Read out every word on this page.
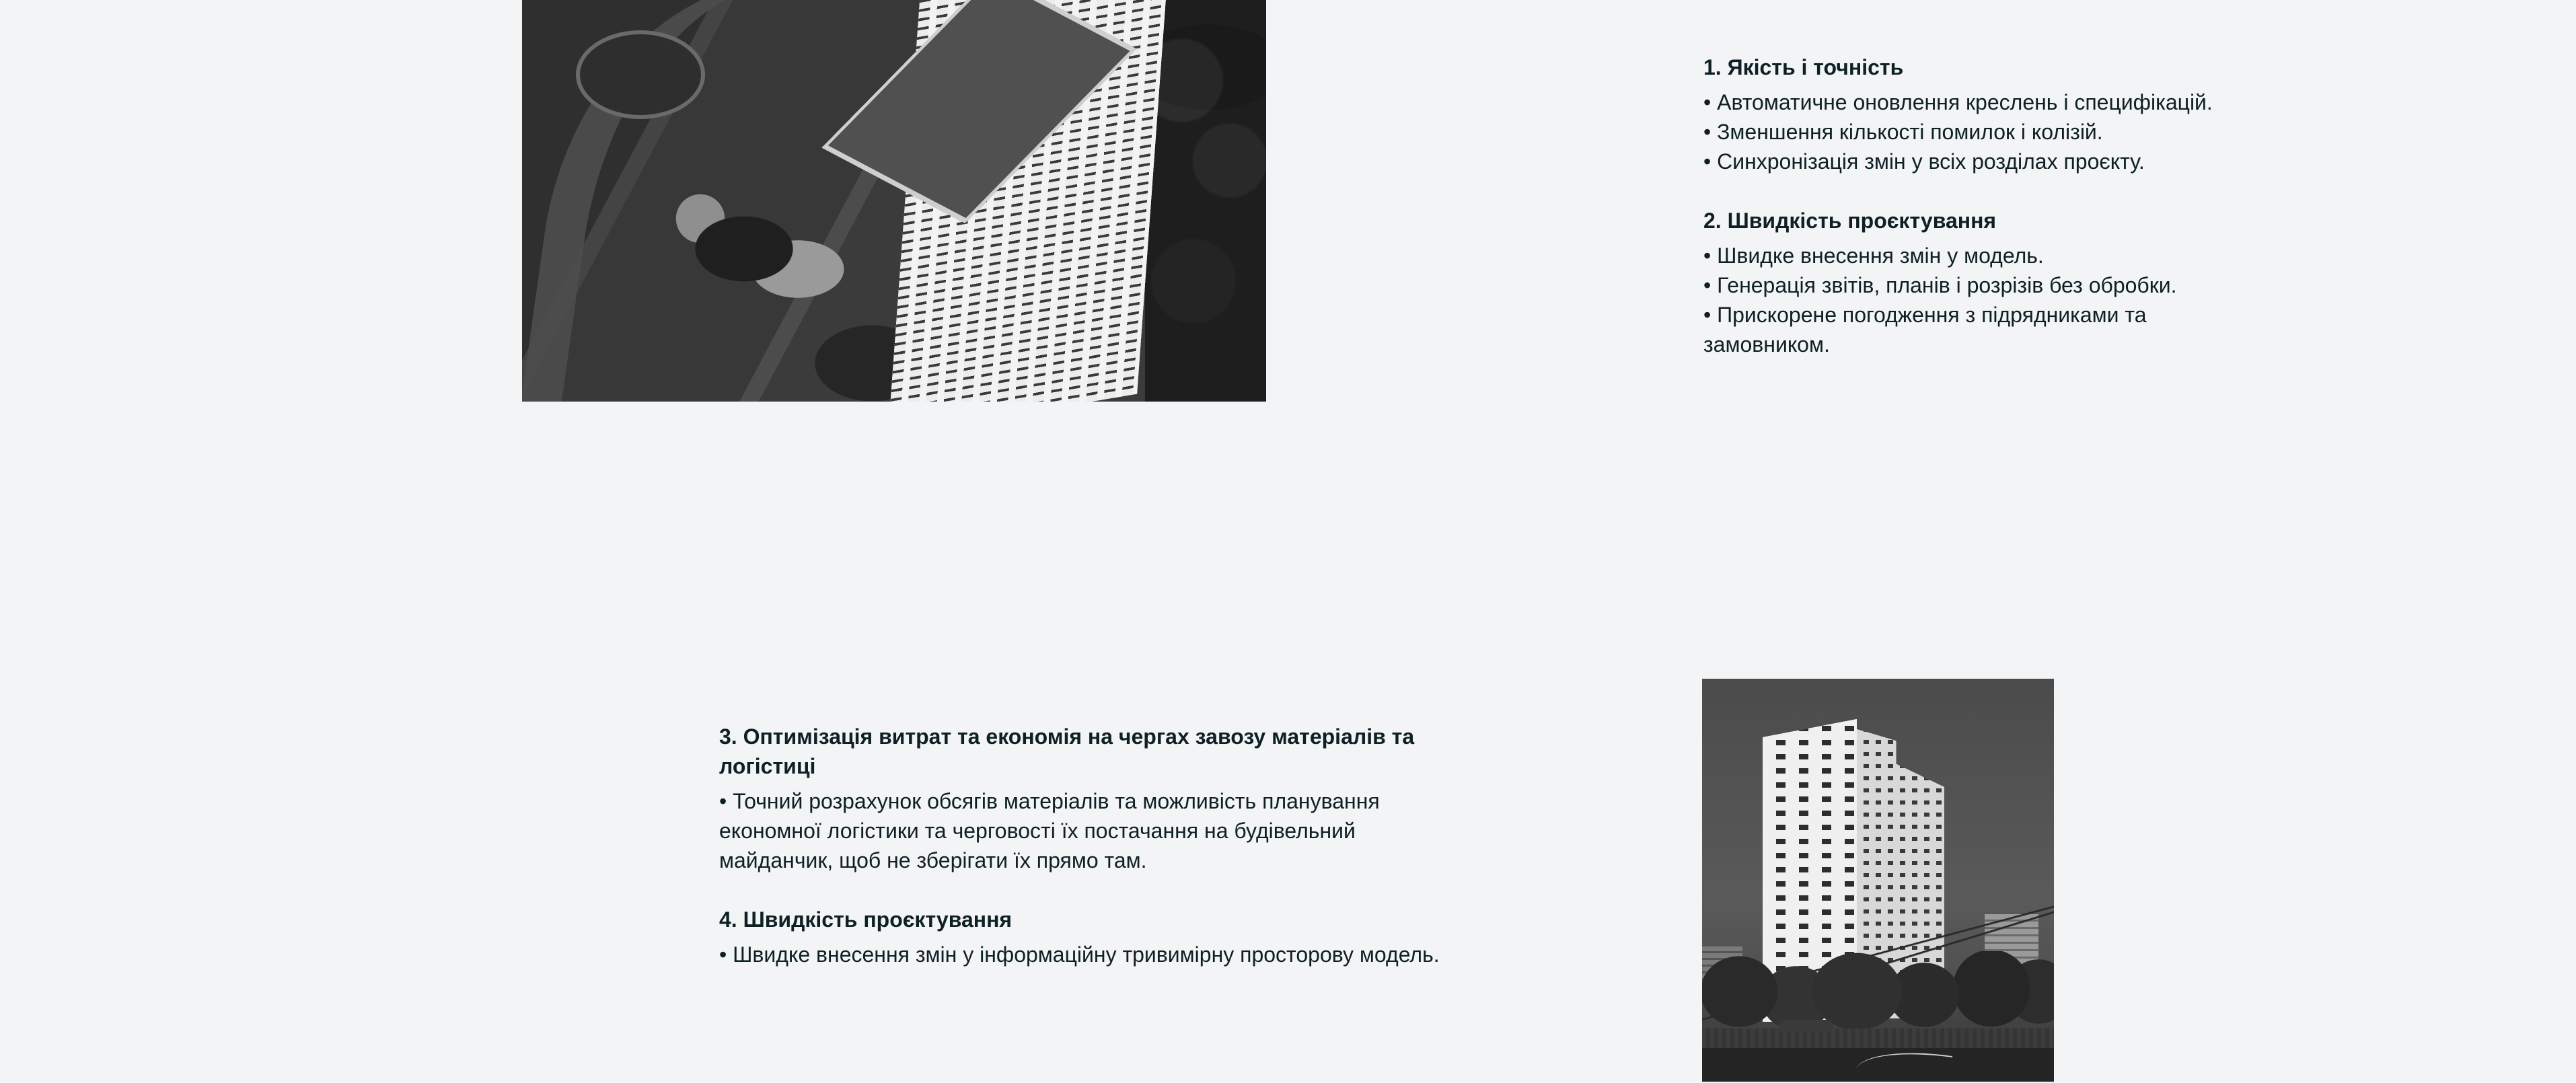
1. Якість і точність

• Автоматичне оновлення креслень і специфікацій.

• Зменшення кількості помилок і колізій.

• Синхронізація змін у всіх розділах проєкту.

2. Швидкість проєктування

• Швидке внесення змін у модель.

• Генерація звітів, планів і розрізів без обробки.

• Прискорене погодження з підрядниками та замовником.

3. Оптимізація витрат та економія на чергах завозу матеріалів та логістиці

• Точний розрахунок обсягів матеріалів та можливість планування економної логістики та черговості їх постачання на будівельний майданчик, щоб не зберігати їх прямо там.

4. Швидкість проєктування

• Швидке внесення змін у інформаційну тривимірну просторову модель.
